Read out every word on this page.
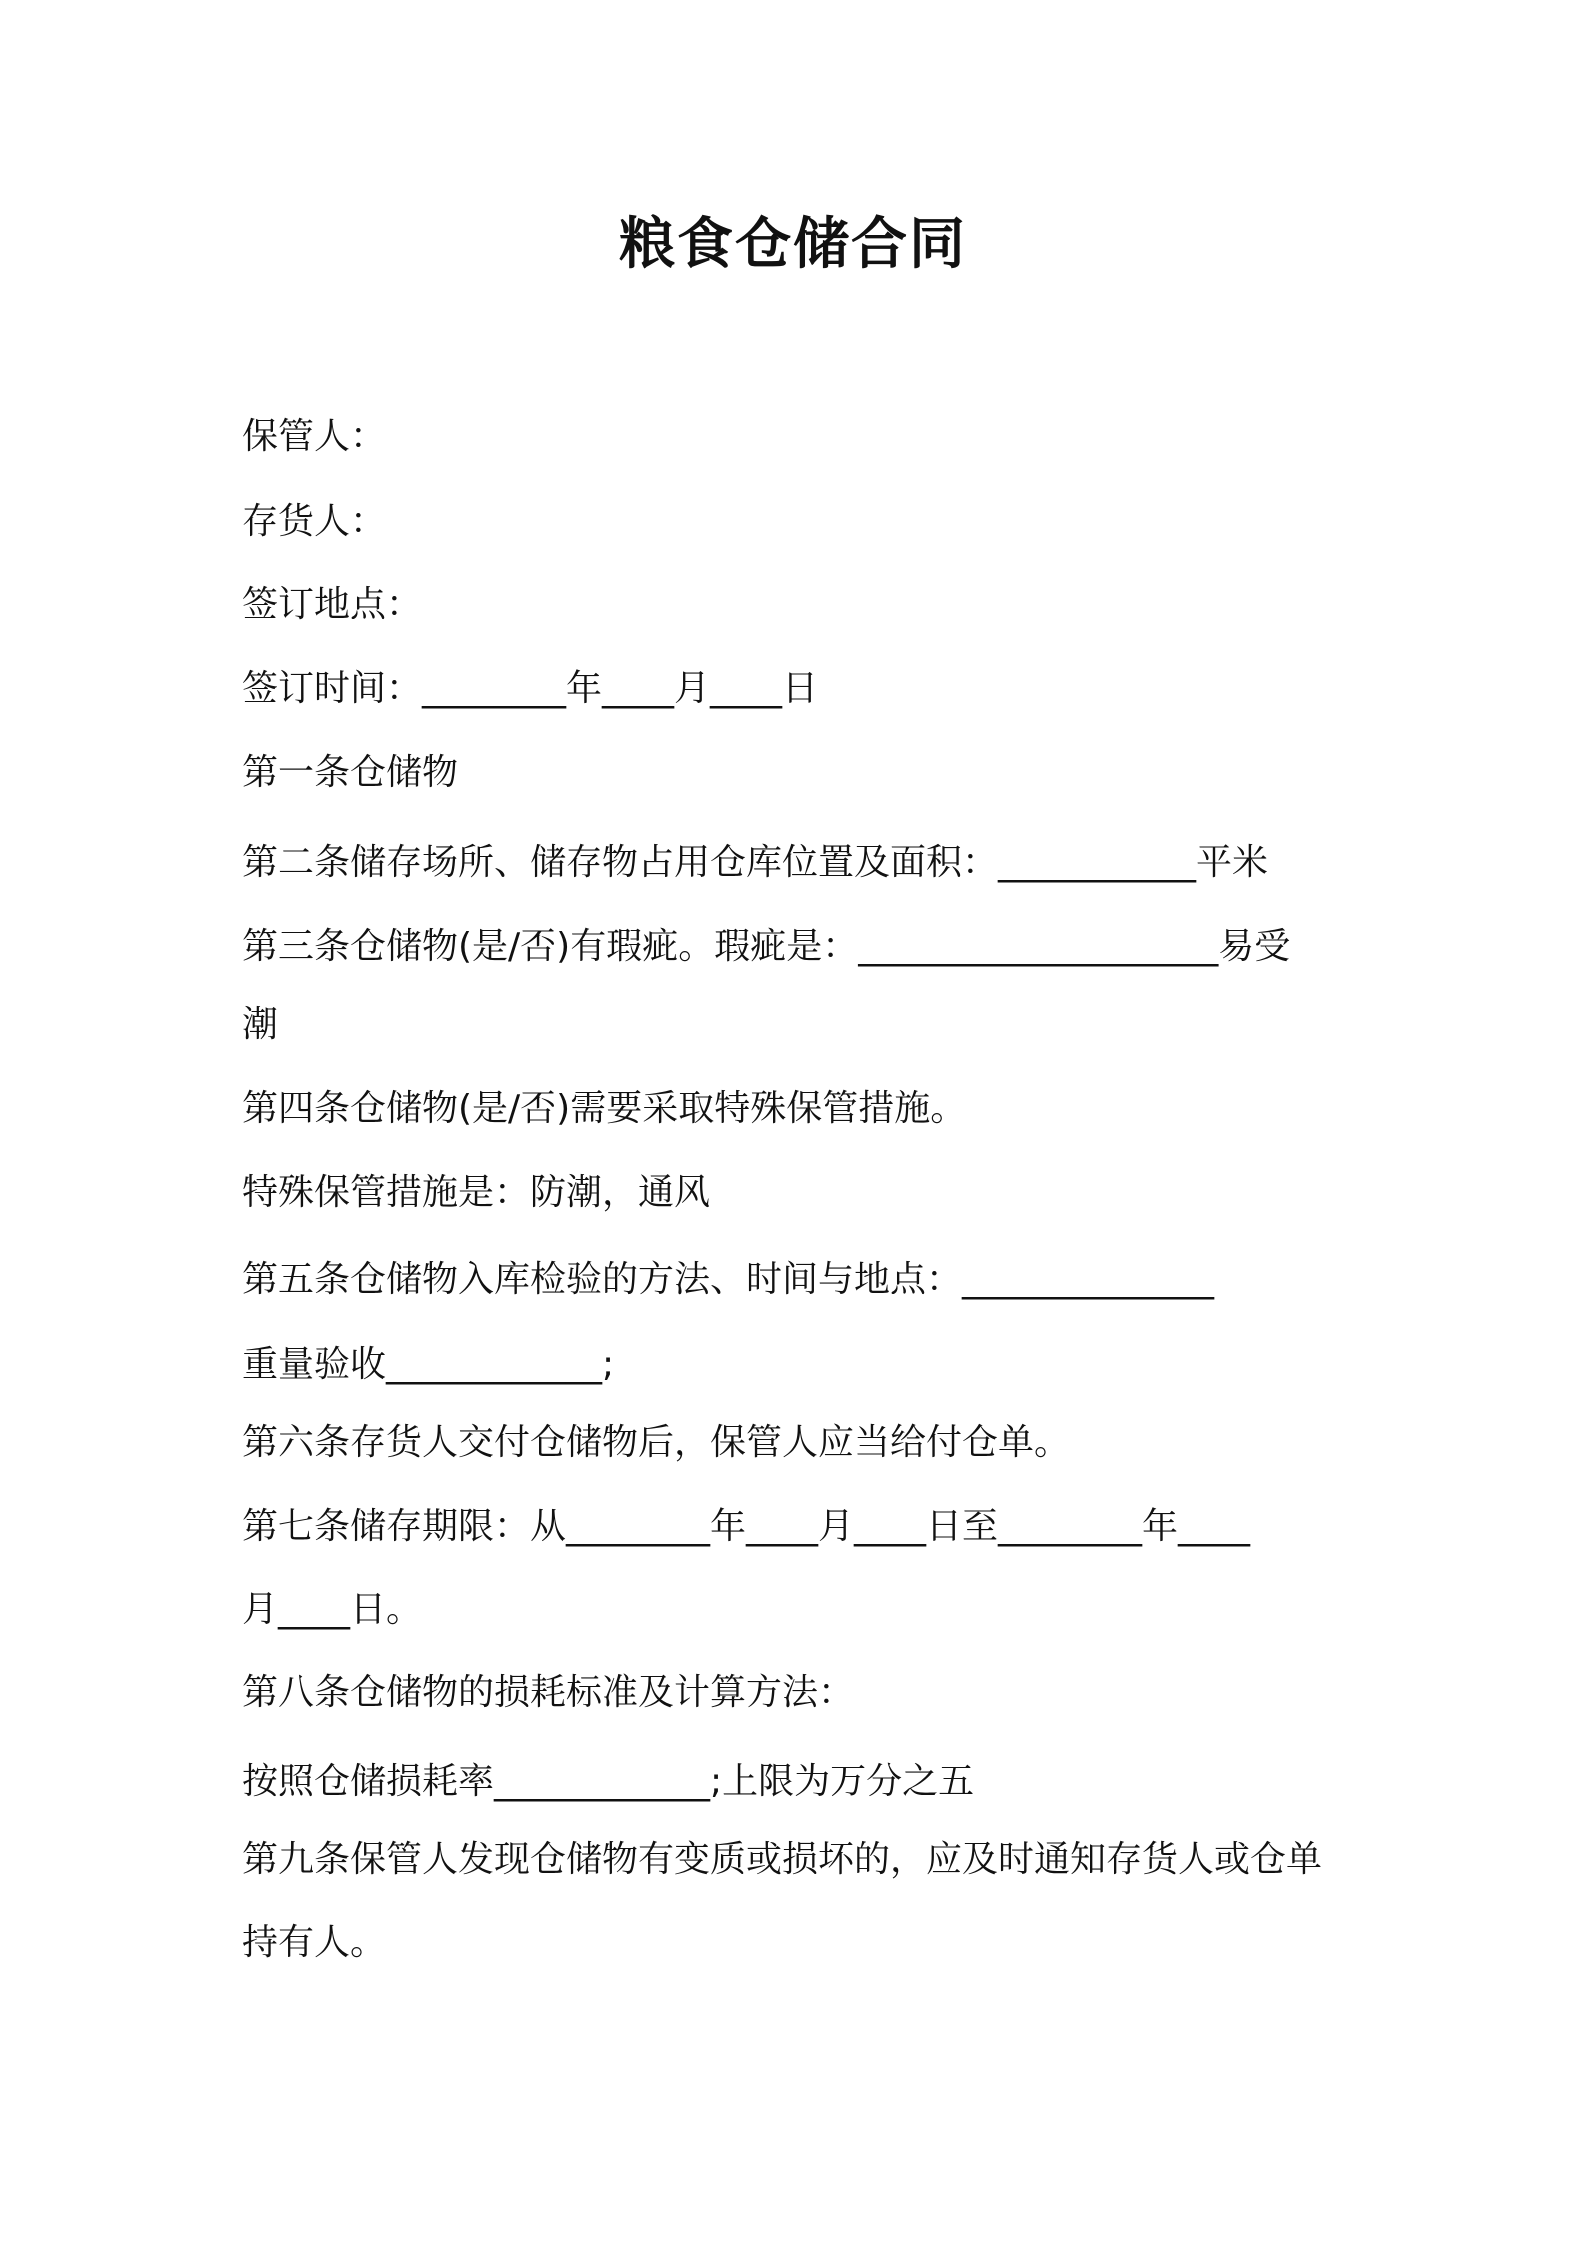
粮食仓储合同
保管人：
存货人：
签订地点：
签订时间：________年____月____日
第一条仓储物
第二条储存场所、储存物占用仓库位置及面积：___________平米
第三条仓储物(是/否)有瑕疵。瑕疵是：____________________易受
潮
第四条仓储物(是/否)需要采取特殊保管措施。
特殊保管措施是：防潮，通风
第五条仓储物入库检验的方法、时间与地点：______________
重量验收____________;
第六条存货人交付仓储物后，保管人应当给付仓单。
第七条储存期限：从________年____月____日至________年____
月____日。
第八条仓储物的损耗标准及计算方法：
按照仓储损耗率____________;上限为万分之五
第九条保管人发现仓储物有变质或损坏的，应及时通知存货人或仓单
持有人。
